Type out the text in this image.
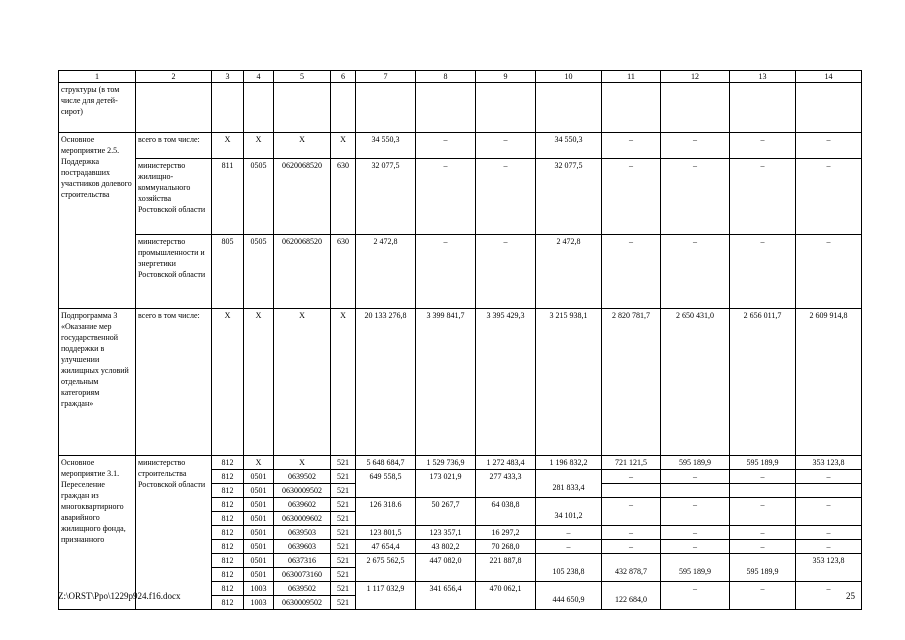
1	2	3	4	5	6	7	8	9	10	11	12	13	14
структуры (в том числе для детей-сирот)													
Основное мероприятие 2.5. Поддержка пострадавших участников долевого строительства	всего в том числе:	X	X	X	X	34 550,3	–	–	34 550,3	–	–	–	–
	министерство жилищно-коммунального хозяйства Ростовской области	811	0505	0620068520	630	32 077,5	–	–	32 077,5	–	–	–	–
	министерство промышленности и энергетики Ростовской области	805	0505	0620068520	630	2 472,8	–	–	2 472,8	–	–	–	–
Подпрограмма 3 «Оказание мер государственной поддержки в улучшении жилищных условий отдельным категориям граждан»	всего в том числе:	X	X	X	X	20 133 276,8	3 399 841,7	3 395 429,3	3 215 938,1	2 820 781,7	2 650 431,0	2 656 011,7	2 609 914,8
Основное мероприятие 3.1. Переселение граждан из многоквартирного аварийного жилищного фонда, признанного	министерство строительства Ростовской области	812	X	X	521	5 648 684,7	1 529 736,9	1 272 483,4	1 196 832,2	721 121,5	595 189,9	595 189,9	353 123,8
		812	0501	0639502	521	649 558,5	173 021,9	277 433,3	281 833,4	–	–	–	–
		812	0501	0630009502	521								
		812	0501	0639602	521	126 318.6	50 267,7	64 038,8	34 101,2	–	–	–	–
		812	0501	0630009602	521								
		812	0501	0639503	521	123 801,5	123 357,1	16 297,2	–	–	–	–	–
		812	0501	0639603	521	47 654,4	43 802,2	70 268,0	–	–	–	–	–
		812	0501	0637316	521	2 675 562,5	447 082,0	221 887,8	105 238,8	432 878,7	595 189,9	595 189,9	353 123,8
		812	0501	0630073160	521								
		812	1003	0639502	521	1 117 032,9	341 656,4	470 062,1	444 650,9	122 684,0	–	–	–
		812	1003	0630009502	521								
Z:\ORST\Ppo\1229p924.f16.docx	25
